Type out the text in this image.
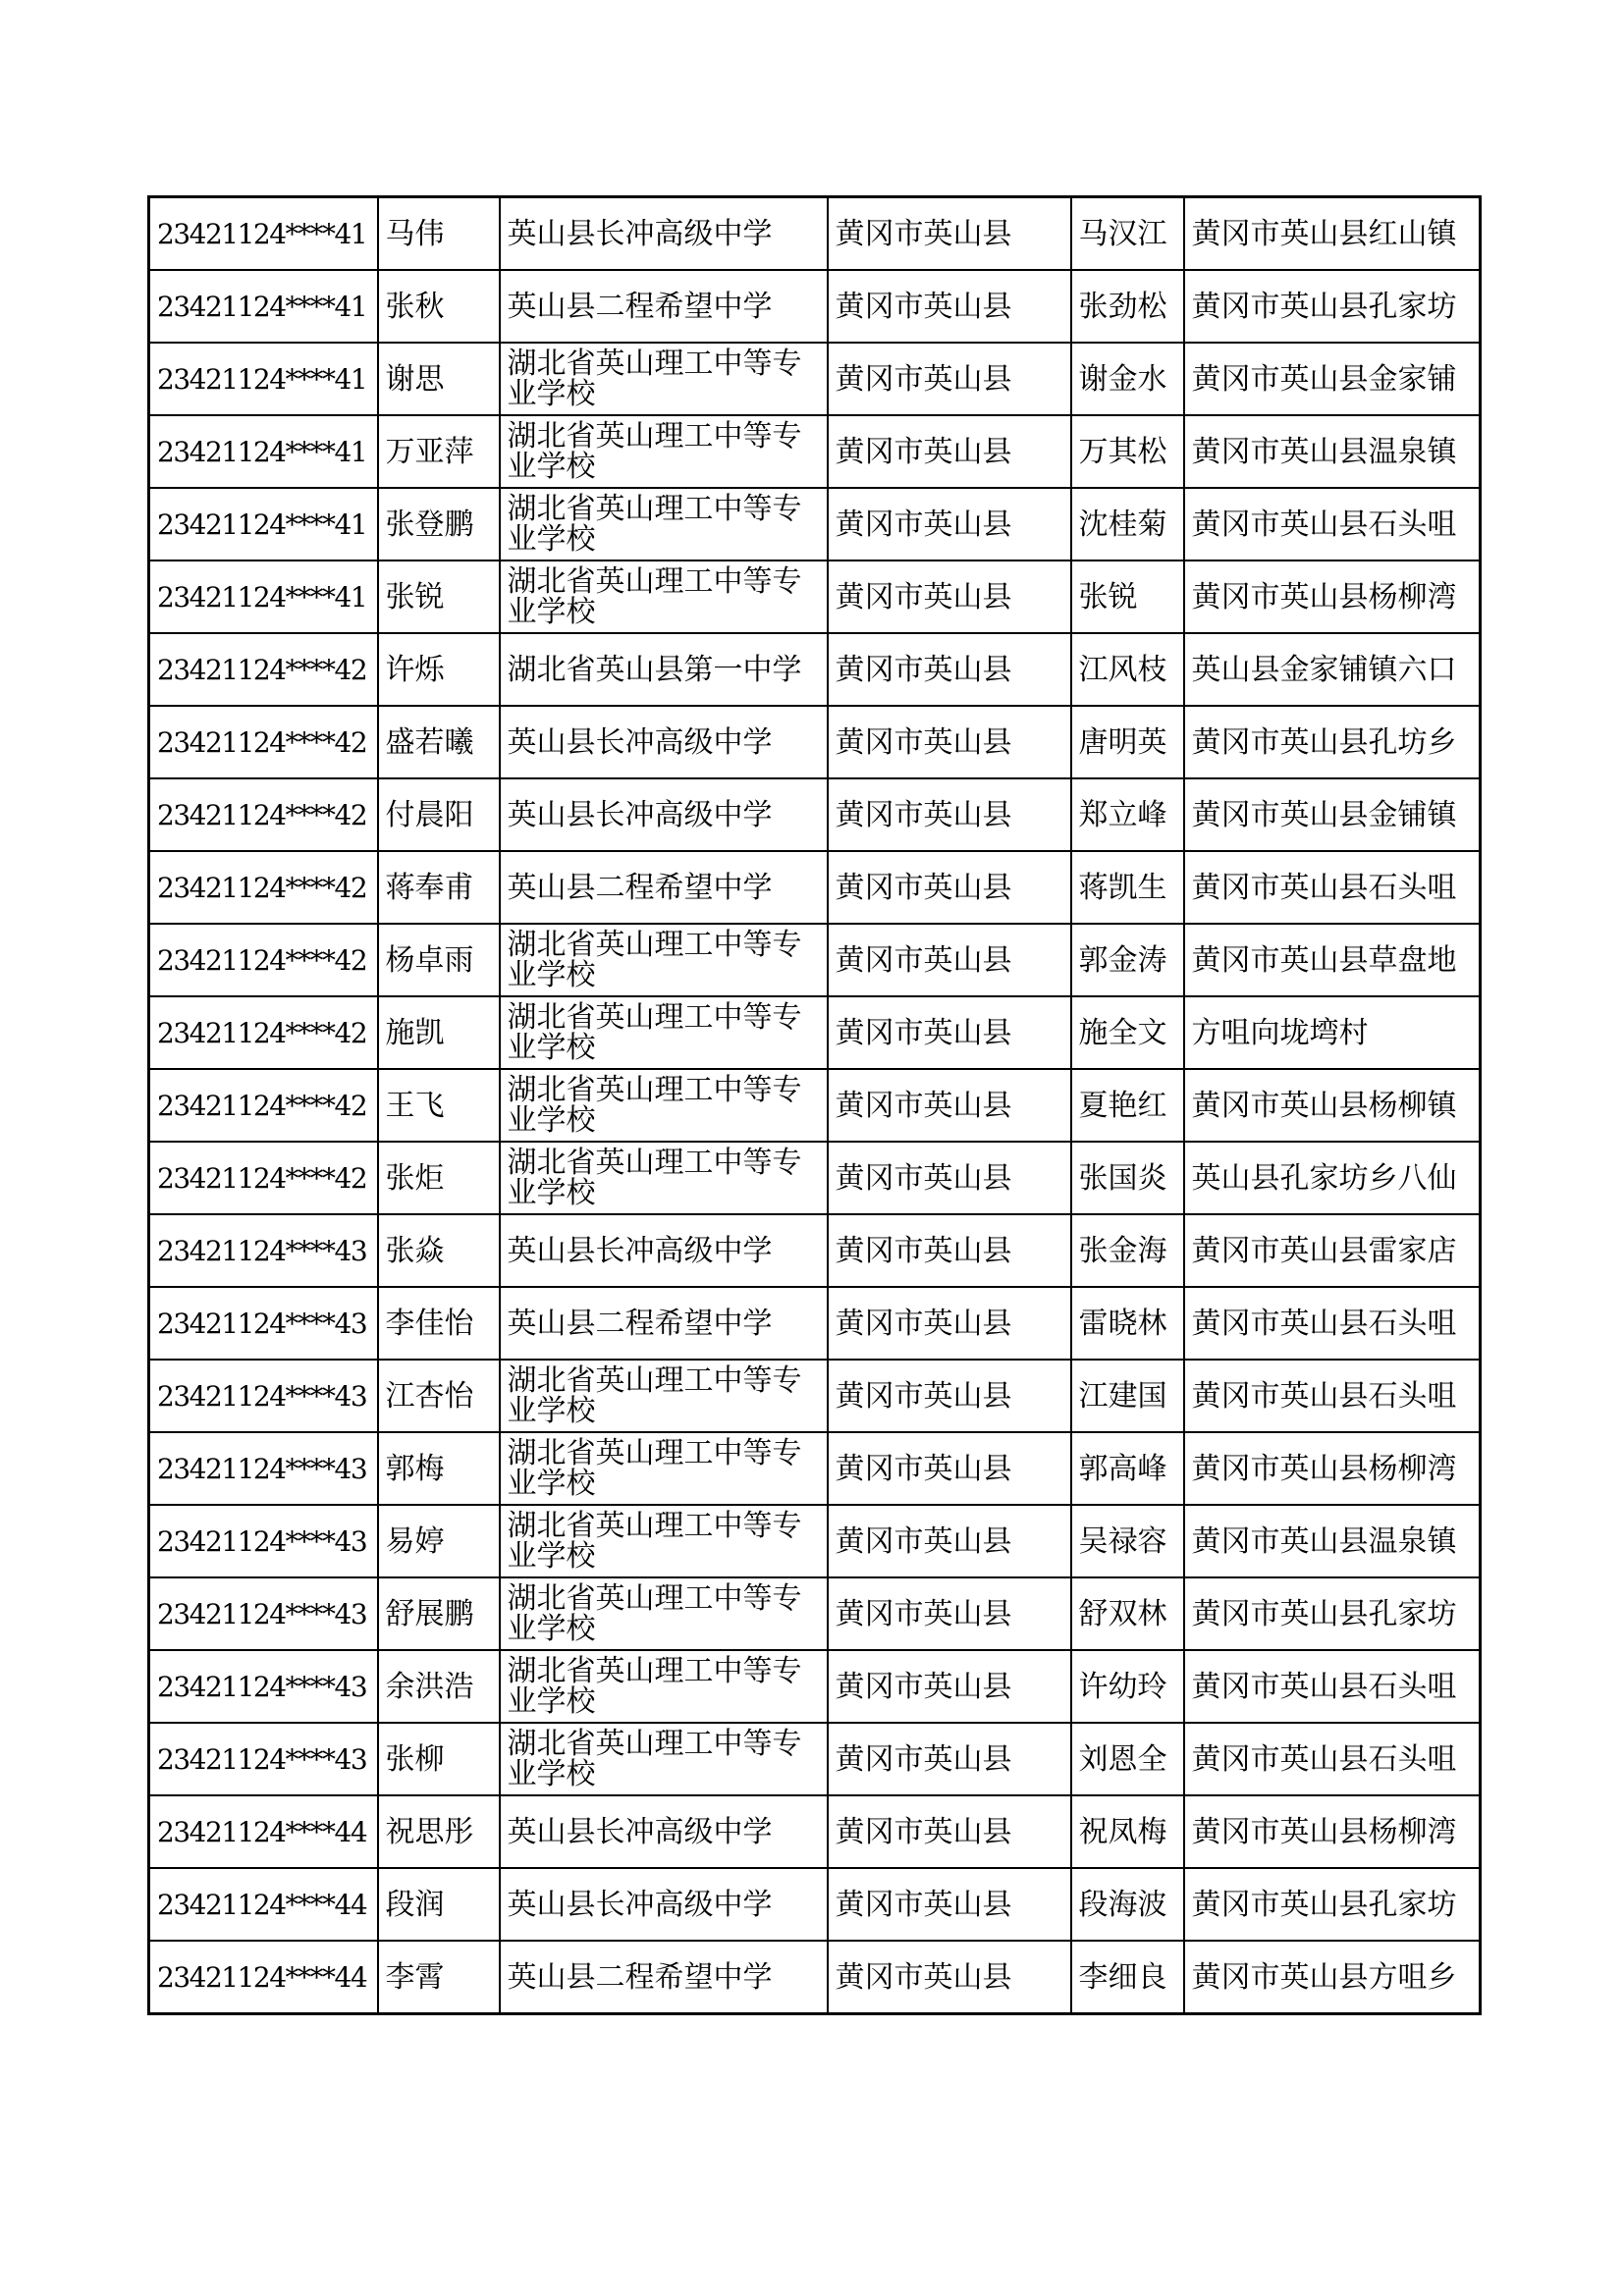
23421124****41	马伟	英山县长冲高级中学	黄冈市英山县	马汉江	黄冈市英山县红山镇
23421124****41	张秋	英山县二程希望中学	黄冈市英山县	张劲松	黄冈市英山县孔家坊
23421124****41	谢思	湖北省英山理工中等专业学校	黄冈市英山县	谢金水	黄冈市英山县金家铺
23421124****41	万亚萍	湖北省英山理工中等专业学校	黄冈市英山县	万其松	黄冈市英山县温泉镇
23421124****41	张登鹏	湖北省英山理工中等专业学校	黄冈市英山县	沈桂菊	黄冈市英山县石头咀
23421124****41	张锐	湖北省英山理工中等专业学校	黄冈市英山县	张锐	黄冈市英山县杨柳湾
23421124****42	许烁	湖北省英山县第一中学	黄冈市英山县	江风枝	英山县金家铺镇六口
23421124****42	盛若曦	英山县长冲高级中学	黄冈市英山县	唐明英	黄冈市英山县孔坊乡
23421124****42	付晨阳	英山县长冲高级中学	黄冈市英山县	郑立峰	黄冈市英山县金铺镇
23421124****42	蒋奉甫	英山县二程希望中学	黄冈市英山县	蒋凯生	黄冈市英山县石头咀
23421124****42	杨卓雨	湖北省英山理工中等专业学校	黄冈市英山县	郭金涛	黄冈市英山县草盘地
23421124****42	施凯	湖北省英山理工中等专业学校	黄冈市英山县	施全文	方咀向垅塆村
23421124****42	王飞	湖北省英山理工中等专业学校	黄冈市英山县	夏艳红	黄冈市英山县杨柳镇
23421124****42	张炬	湖北省英山理工中等专业学校	黄冈市英山县	张国炎	英山县孔家坊乡八仙
23421124****43	张焱	英山县长冲高级中学	黄冈市英山县	张金海	黄冈市英山县雷家店
23421124****43	李佳怡	英山县二程希望中学	黄冈市英山县	雷晓林	黄冈市英山县石头咀
23421124****43	江杏怡	湖北省英山理工中等专业学校	黄冈市英山县	江建国	黄冈市英山县石头咀
23421124****43	郭梅	湖北省英山理工中等专业学校	黄冈市英山县	郭高峰	黄冈市英山县杨柳湾
23421124****43	易婷	湖北省英山理工中等专业学校	黄冈市英山县	吴禄容	黄冈市英山县温泉镇
23421124****43	舒展鹏	湖北省英山理工中等专业学校	黄冈市英山县	舒双林	黄冈市英山县孔家坊
23421124****43	余洪浩	湖北省英山理工中等专业学校	黄冈市英山县	许幼玲	黄冈市英山县石头咀
23421124****43	张柳	湖北省英山理工中等专业学校	黄冈市英山县	刘恩全	黄冈市英山县石头咀
23421124****44	祝思彤	英山县长冲高级中学	黄冈市英山县	祝凤梅	黄冈市英山县杨柳湾
23421124****44	段润	英山县长冲高级中学	黄冈市英山县	段海波	黄冈市英山县孔家坊
23421124****44	李霄	英山县二程希望中学	黄冈市英山县	李细良	黄冈市英山县方咀乡
